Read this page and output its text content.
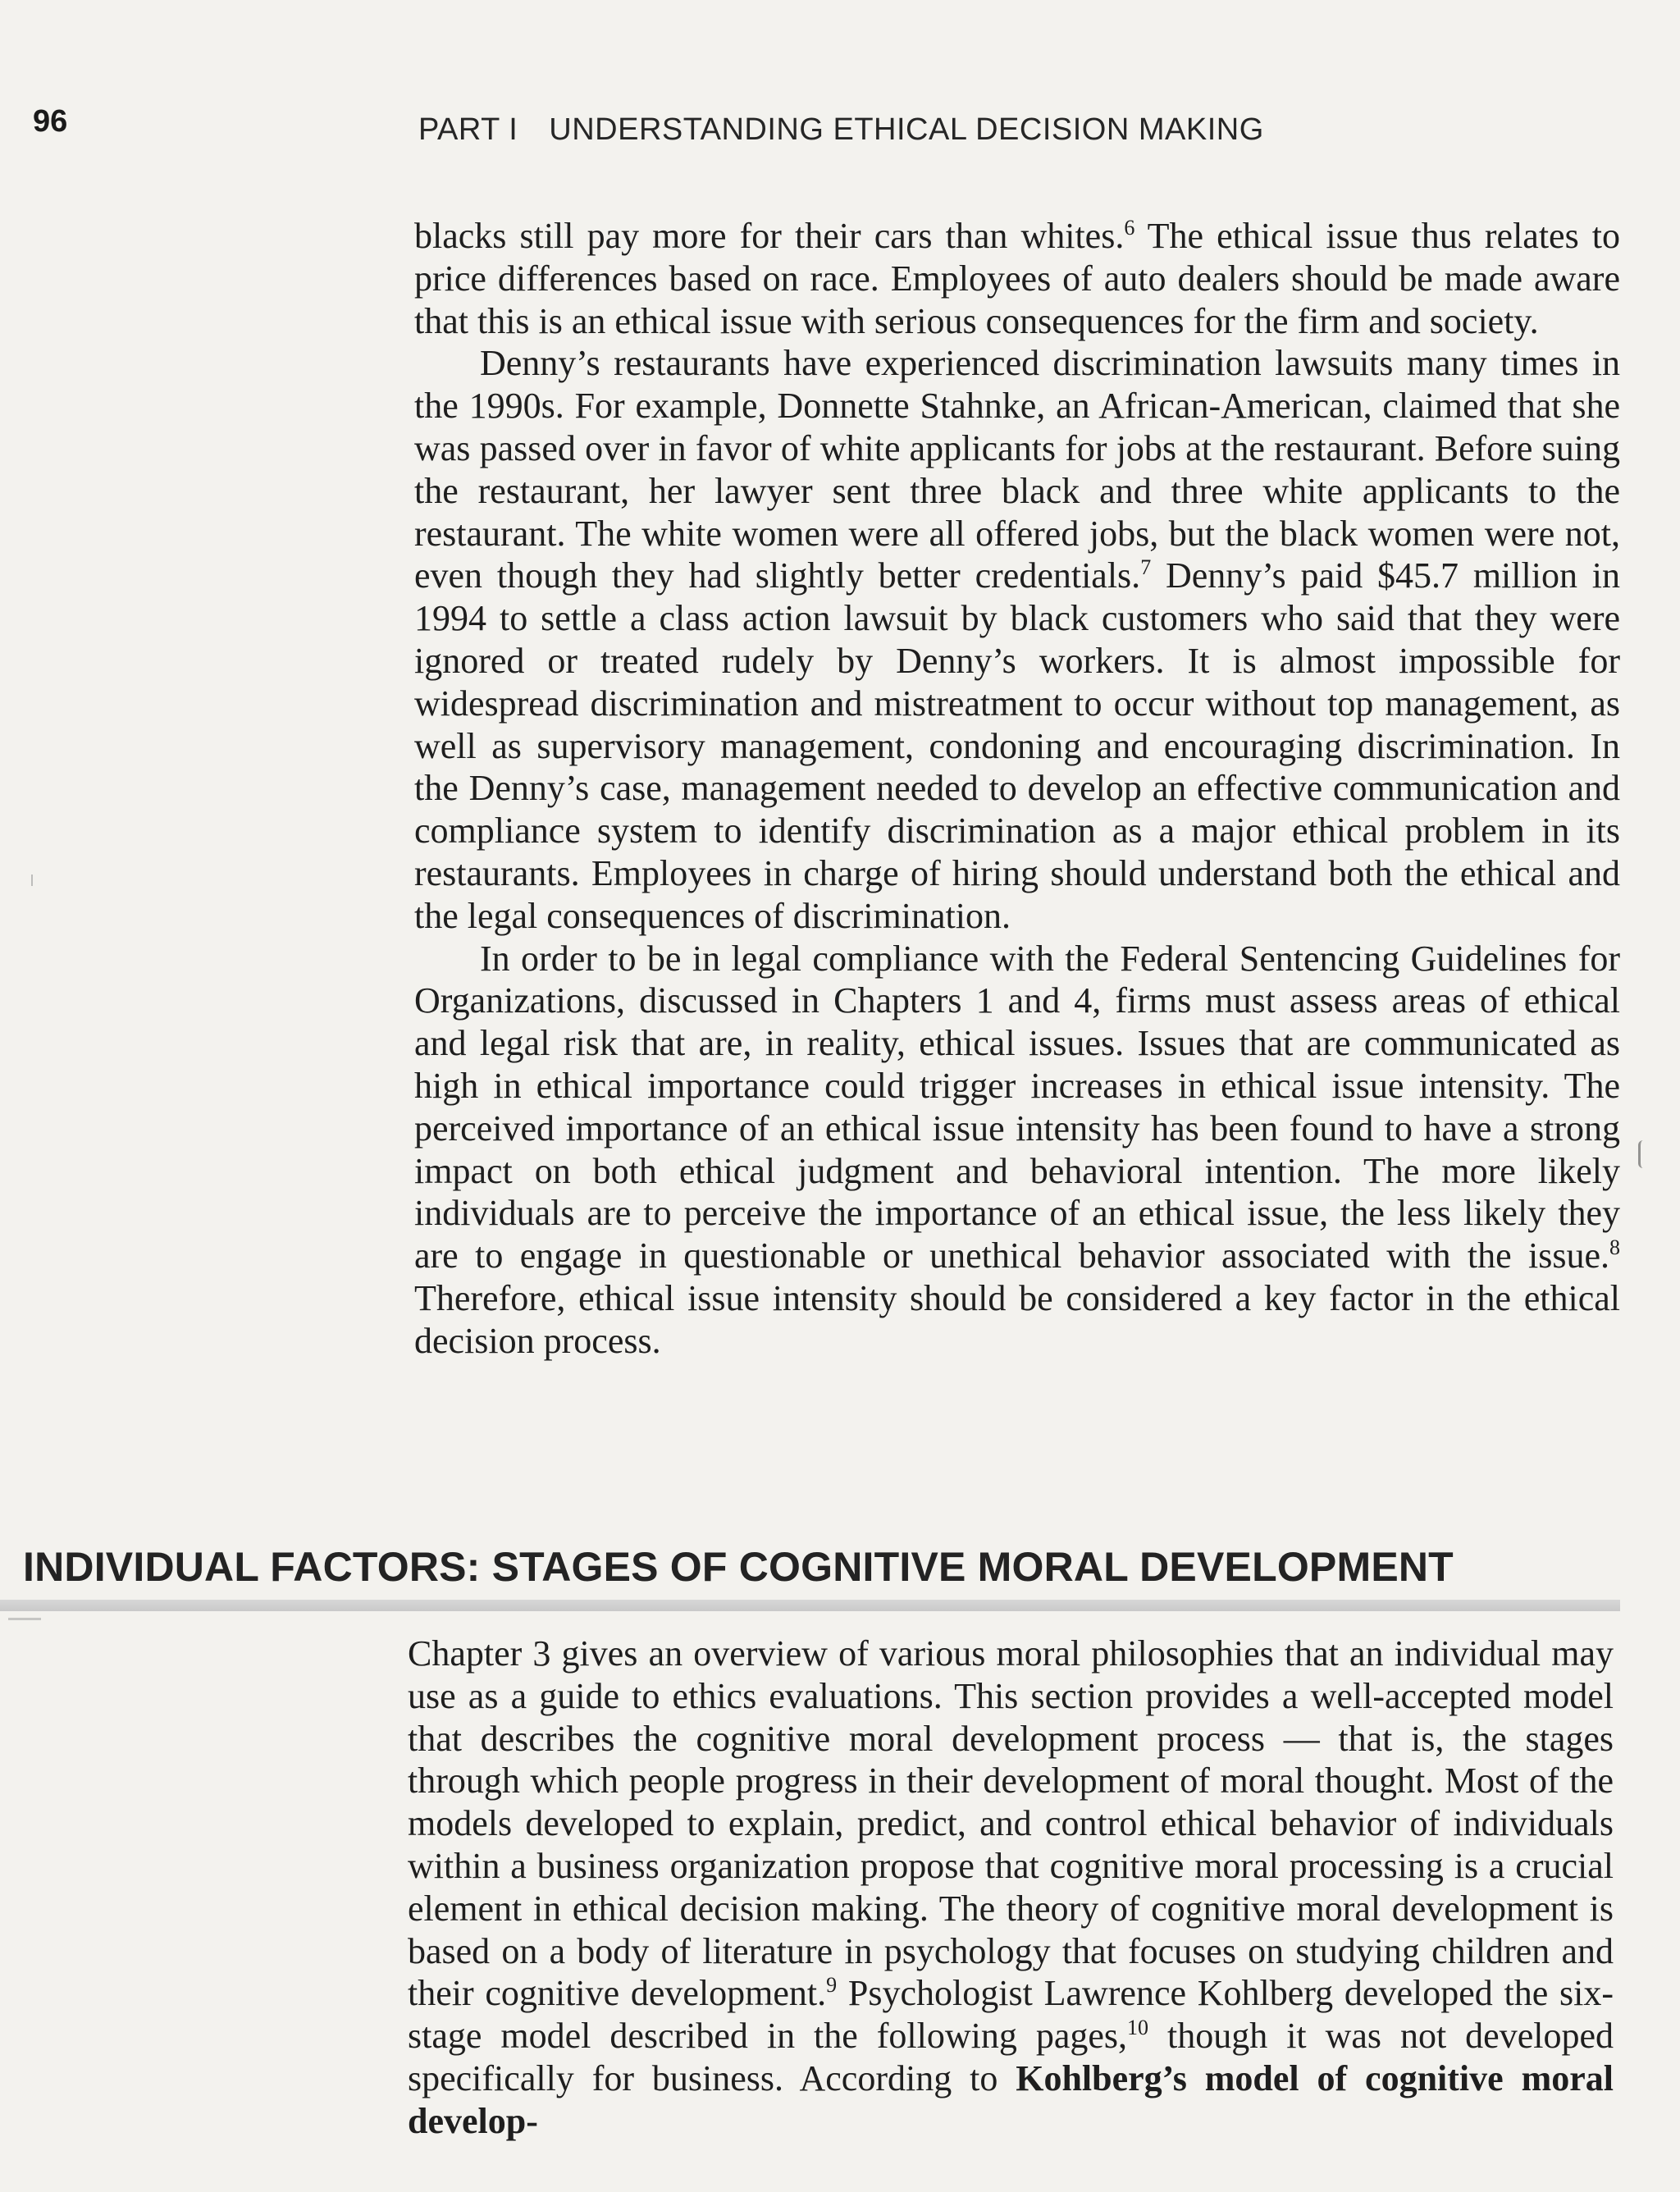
96	PART I UNDERSTANDING ETHICAL DECISION MAKING

blacks still pay more for their cars than whites.$^6$ The ethical issue thus relates to price differences based on race. Employees of auto dealers should be made aware that this is an ethical issue with serious consequences for the firm and society.

Denny’s restaurants have experienced discrimination lawsuits many times in the 1990s. For example, Donnette Stahnke, an African-American, claimed that she was passed over in favor of white applicants for jobs at the restaurant. Before suing the restaurant, her lawyer sent three black and three white applicants to the restaurant. The white women were all offered jobs, but the black women were not, even though they had slightly better credentials.$^7$ Denny’s paid $45.7 million in 1994 to settle a class action lawsuit by black customers who said that they were ignored or treated rudely by Denny’s workers. It is almost impossible for widespread discrimination and mistreatment to occur without top management, as well as supervisory management, condoning and encouraging discrimination. In the Denny’s case, management needed to develop an effective communication and compliance system to identify discrimination as a major ethical problem in its restaurants. Employees in charge of hiring should understand both the ethical and the legal consequences of discrimination.

In order to be in legal compliance with the Federal Sentencing Guidelines for Organizations, discussed in Chapters 1 and 4, firms must assess areas of ethical and legal risk that are, in reality, ethical issues. Issues that are communicated as high in ethical importance could trigger increases in ethical issue intensity. The perceived importance of an ethical issue intensity has been found to have a strong impact on both ethical judgment and behavioral intention. The more likely individuals are to perceive the importance of an ethical issue, the less likely they are to engage in questionable or unethical behavior associated with the issue.$^8$ Therefore, ethical issue intensity should be considered a key factor in the ethical decision process.

INDIVIDUAL FACTORS: STAGES OF COGNITIVE MORAL DEVELOPMENT

Chapter 3 gives an overview of various moral philosophies that an individual may use as a guide to ethics evaluations. This section provides a well-accepted model that describes the cognitive moral development process — that is, the stages through which people progress in their development of moral thought. Most of the models developed to explain, predict, and control ethical behavior of individuals within a business organization propose that cognitive moral processing is a crucial element in ethical decision making. The theory of cognitive moral development is based on a body of literature in psychology that focuses on studying children and their cognitive development.$^9$ Psychologist Lawrence Kohlberg developed the six-stage model described in the following pages,$^{10}$ though it was not developed specifically for business. According to Kohlberg’s model of cognitive moral develop-
